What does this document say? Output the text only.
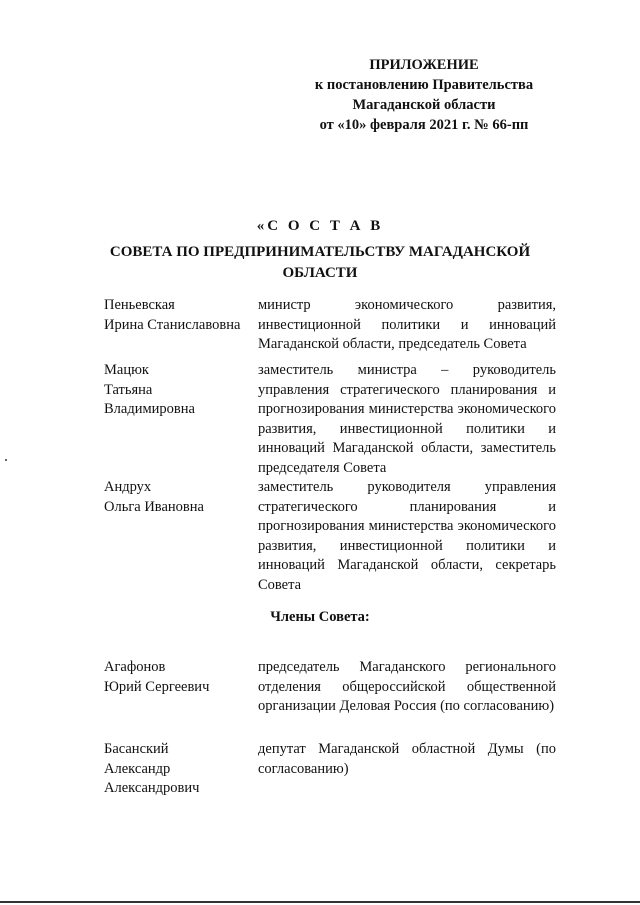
ПРИЛОЖЕНИЕ
к постановлению Правительства
Магаданской области
от «10» февраля 2021 г. № 66-пп
«С О С Т А В
СОВЕТА ПО ПРЕДПРИНИМАТЕЛЬСТВУ МАГАДАНСКОЙ
ОБЛАСТИ
Пеньевская
Ирина Станиславовна
министр экономического развития, инвестиционной политики и инноваций Магаданской области, председатель Совета
Мацюк
Татьяна
Владимировна
заместитель министра – руководитель управления стратегического планирования и прогнозирования министерства экономического развития, инвестиционной политики и инноваций Магаданской области, заместитель председателя Совета
Андрух
Ольга Ивановна
заместитель руководителя управления стратегического планирования и прогнозирования министерства экономического развития, инвестиционной политики и инноваций Магаданской области, секретарь Совета
Члены Совета:
Агафонов
Юрий Сергеевич
председатель Магаданского регионального отделения общероссийской общественной организации Деловая Россия (по согласованию)
Басанский
Александр
Александрович
депутат Магаданской областной Думы (по согласованию)
